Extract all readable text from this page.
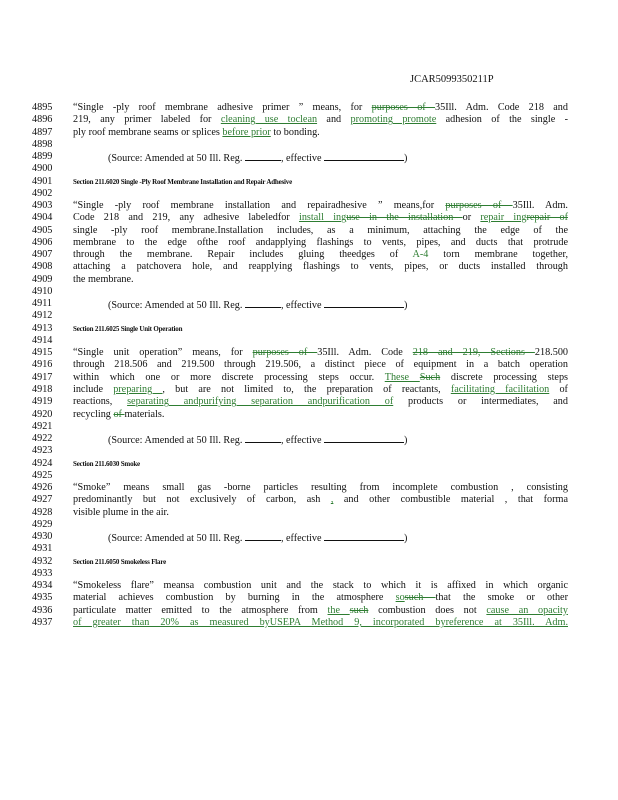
JCAR5099350211P
4895	“Single -ply roof membrane adhesive primer ” means, for purposes of 35Ill. Adm. Code 218 and
4896	219, any primer labeled for cleaning use toclean and promoting promote adhesion of the single -
4897	ply roof membrane seams or splices before prior to bonding.
4898
4899	(Source: Amended at 50 Ill. Reg.	, effective	)
4900
4901	Section 211.6020 Single -Ply Roof Membrane Installation and Repair Adhesive
4902
4903	“Single -ply roof membrane installation and repairadhesive ” means,for purposes of 35Ill. Adm.
4904	Code 218 and 219, any adhesive labeledfor install inguse in the installation or repair ingrepair of
4905	single -ply roof membrane.Installation includes, as a minimum, attaching the edge of the
4906	membrane to the edge ofthe roof andapplying flashings to vents, pipes, and ducts that protrude
4907	through the membrane. Repair includes gluing theedges of A-4 torn membrane together,
4908	attaching a patchovera hole, and reapplying flashings to vents, pipes, or ducts installed through
4909	the membrane.
4910
4911	(Source: Amended at 50 Ill. Reg.	, effective	)
4912
4913	Section 211.6025 Single Unit Operation
4914
4915	“Single unit operation” means, for purposes of 35Ill. Adm. Code 218 and 219, Sections 218.500
4916	through 218.506 and 219.500 through 219.506, a distinct piece of equipment in a batch operation
4917	within which one or more discrete processing steps occur. These Such discrete processing steps
4918	include preparing , but are not limited to, the preparation of reactants, facilitating facilitation of
4919	reactions, separating andpurifying separation andpurification of products or intermediates, and
4920	recycling of materials.
4921
4922	(Source: Amended at 50 Ill. Reg.	, effective	)
4923
4924	Section 211.6030 Smoke
4925
4926	“Smoke” means small gas -borne particles resulting from incomplete combustion , consisting
4927	predominantly but not exclusively of carbon, ash , and other combustible material , that forma
4928	visible plume in the air.
4929
4930	(Source: Amended at 50 Ill. Reg.	, effective	)
4931
4932	Section 211.6050 Smokeless Flare
4933
4934	“Smokeless flare” meansa combustion unit and the stack to which it is affixed in which organic
4935	material achieves combustion by burning in the atmosphere sosuch that the smoke or other
4936	particulate matter emitted to the atmosphere from the such combustion does not cause an opacity
4937	of greater than 20% as measured byUSEPA Method 9, incorporated byreference at 35Ill. Adm.
